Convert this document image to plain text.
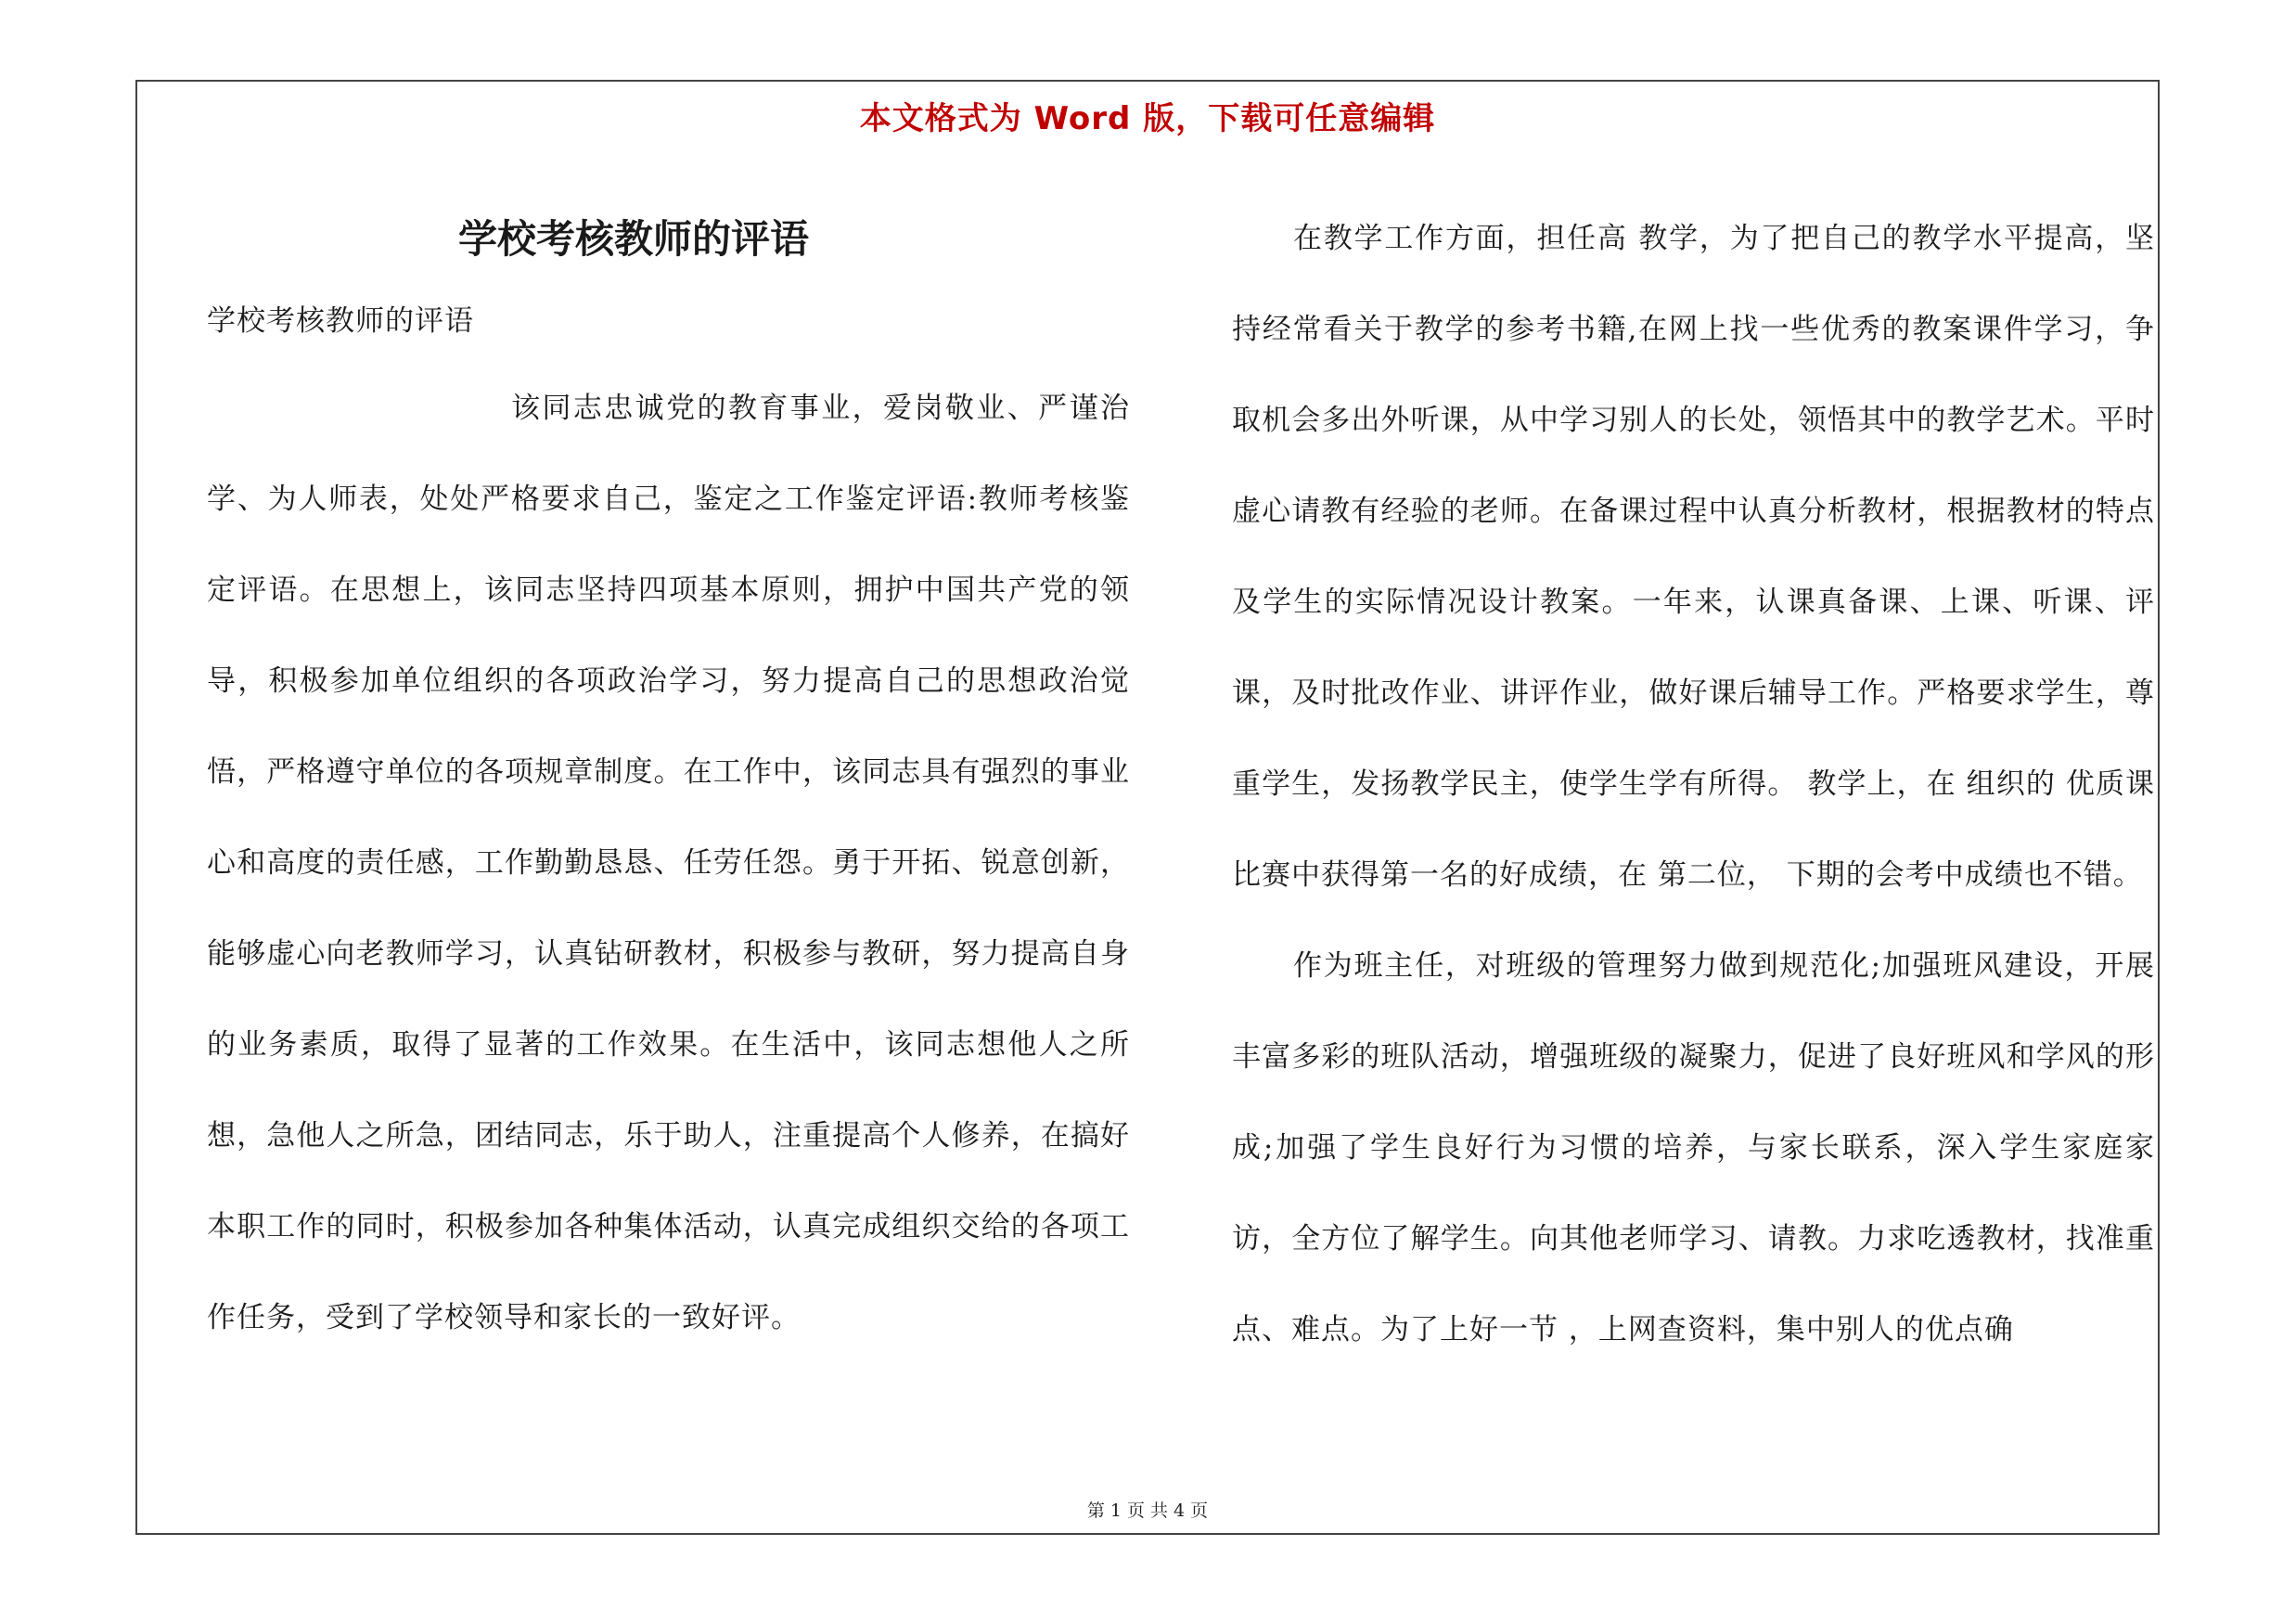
本文格式为 Word 版，下载可任意编辑
学校考核教师的评语
学校考核教师的评语

该同志忠诚党的教育事业，爱岗敬业、严谨治学、为人师表，处处严格要求自己，鉴定之工作鉴定评语:教师考核鉴定评语。在思想上，该同志坚持四项基本原则，拥护中国共产党的领导，积极参加单位组织的各项政治学习，努力提高自己的思想政治觉悟，严格遵守单位的各项规章制度。在工作中，该同志具有强烈的事业心和高度的责任感，工作勤勤恳恳、任劳任怨。勇于开拓、锐意创新，能够虚心向老教师学习，认真钻研教材，积极参与教研，努力提高自身的业务素质，取得了显著的工作效果。在生活中，该同志想他人之所想，急他人之所急，团结同志，乐于助人，注重提高个人修养，在搞好本职工作的同时，积极参加各种集体活动，认真完成组织交给的各项工作任务，受到了学校领导和家长的一致好评。

在教学工作方面，担任高 教学，为了把自己的教学水平提高，坚持经常看关于教学的参考书籍,在网上找一些优秀的教案课件学习，争取机会多出外听课，从中学习别人的长处，领悟其中的教学艺术。平时虚心请教有经验的老师。在备课过程中认真分析教材，根据教材的特点及学生的实际情况设计教案。一年来，认课真备课、上课、听课、评课，及时批改作业、讲评作业，做好课后辅导工作。严格要求学生，尊重学生，发扬教学民主，使学生学有所得。 教学上，在 组织的 优质课比赛中获得第一名的好成绩，在 第二位， 下期的会考中成绩也不错。

作为班主任，对班级的管理努力做到规范化;加强班风建设，开展丰富多彩的班队活动，增强班级的凝聚力，促进了良好班风和学风的形成;加强了学生良好行为习惯的培养，与家长联系，深入学生家庭家访，全方位了解学生。向其他老师学习、请教。力求吃透教材，找准重点、难点。为了上好一节 ，上网查资料，集中别人的优点确

第 1 页 共 4 页
